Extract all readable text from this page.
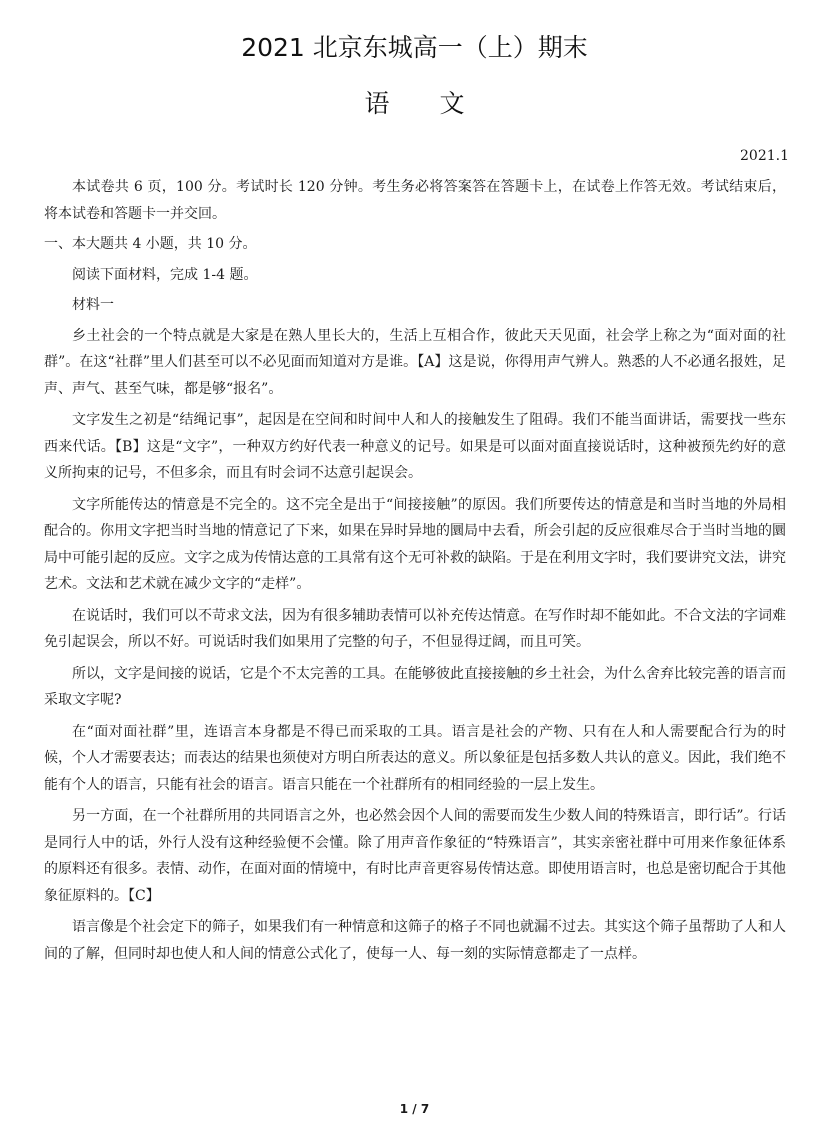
2021 北京东城高一（上）期末
语文
2021.1

本试卷共 6 页，100 分。考试时长 120 分钟。考生务必将答案答在答题卡上，在试卷上作答无效。考试结束后，将本试卷和答题卡一并交回。

一、本大题共 4 小题，共 10 分。

阅读下面材料，完成 1-4 题。

材料一

乡土社会的一个特点就是大家是在熟人里长大的，生活上互相合作，彼此天天见面，社会学上称之为“面对面的社群”。在这“社群”里人们甚至可以不必见面而知道对方是谁。【A】这是说，你得用声气辨人。熟悉的人不必通名报姓，足声、声气、甚至气味，都是够“报名”。

文字发生之初是“结绳记事”，起因是在空间和时间中人和人的接触发生了阻碍。我们不能当面讲话，需要找一些东西来代话。【B】这是“文字”，一种双方约好代表一种意义的记号。如果是可以面对面直接说话时，这种被预先约好的意义所拘束的记号，不但多余，而且有时会词不达意引起误会。

文字所能传达的情意是不完全的。这不完全是出于“间接接触”的原因。我们所要传达的情意是和当时当地的外局相配合的。你用文字把当时当地的情意记了下来，如果在异时异地的圜局中去看，所会引起的反应很难尽合于当时当地的圜局中可能引起的反应。文字之成为传情达意的工具常有这个无可补救的缺陷。于是在利用文字时，我们要讲究文法，讲究艺术。文法和艺术就在减少文字的“走样”。

在说话时，我们可以不苛求文法，因为有很多辅助表情可以补充传达情意。在写作时却不能如此。不合文法的字词难免引起误会，所以不好。可说话时我们如果用了完整的句子，不但显得迂阔，而且可笑。

所以，文字是间接的说话，它是个不太完善的工具。在能够彼此直接接触的乡土社会，为什么舍弃比较完善的语言而采取文字呢?

在“面对面社群”里，连语言本身都是不得已而采取的工具。语言是社会的产物、只有在人和人需要配合行为的时候，个人才需要表达；而表达的结果也须使对方明白所表达的意义。所以象征是包括多数人共认的意义。因此，我们绝不能有个人的语言，只能有社会的语言。语言只能在一个社群所有的相同经验的一层上发生。

另一方面，在一个社群所用的共同语言之外，也必然会因个人间的需要而发生少数人间的特殊语言，即行话”。行话是同行人中的话，外行人没有这种经验便不会懂。除了用声音作象征的“特殊语言”，其实亲密社群中可用来作象征体系的原料还有很多。表情、动作，在面对面的情境中，有时比声音更容易传情达意。即使用语言时，也总是密切配合于其他象征原料的。【C】

语言像是个社会定下的筛子，如果我们有一种情意和这筛子的格子不同也就漏不过去。其实这个筛子虽帮助了人和人间的了解，但同时却也使人和人间的情意公式化了，使每一人、每一刻的实际情意都走了一点样。

1 / 7
